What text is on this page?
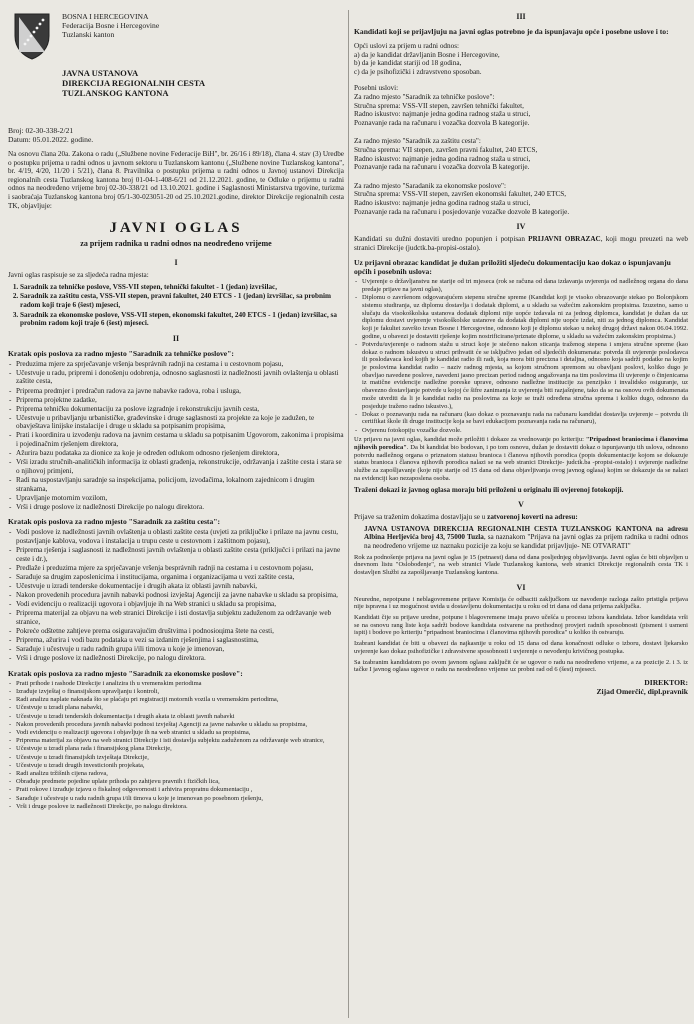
BOSNA I HERCEGOVINA
Federacija Bosne i Hercegovine
Tuzlanski kanton
JAVNA USTANOVA
DIREKCIJA REGIONALNIH CESTA
TUZLANSKOG KANTONA
Broj: 02-30-338-2/21
Datum: 05.01.2022. godine.

Na osnovu člana 20a. Zakona o radu („Službene novine Federacije BiH", br. 26/16 i 89/18), člana 4. stav (3) Uredbe o postupku prijema u radni odnos u javnom sektoru u Tuzlanskom kantonu („Službene novine Tuzlanskog kantona", br. 4/19, 4/20, 11/20 i 5/21), člana 8. Pravilnika o postupku prijema u radni odnos u Javnoj ustanovi Direkcija regionalnih cesta Tuzlanskog kantona broj 01-04-1-408-6/21 od 21.12.2021. godine, te Odluke o prijemu u radni odnos na neodređeno vrijeme broj 02-30-338/21 od 13.10.2021. godine i Saglasnosti Ministarstva trgovine, turizma i saobraćaja Tuzlanskog kantona broj 05/1-30-023051-20 od 25.10.2021.godine, direktor Direkcije regionalnih cesta TK, objavljuje:

JAVNI OGLAS
za prijem radnika u radni odnos na neodređeno vrijeme
I

Javni oglas raspisuje se za sljedeća radna mjesta:

1. Saradnik za tehničke poslove, VSS-VII stepen, tehnički fakultet - 1 (jedan) izvršilac,
2. Saradnik za zaštitu cesta, VSS-VII stepen, pravni fakultet, 240 ETCS - 1 (jedan) izvršilac, sa probnim radom koji traje 6 (šest) mjeseci,
3. Saradnik za ekonomske poslove, VSS-VII stepen, ekonomski fakultet, 240 ETCS - 1 (jedan) izvršilac, sa probnim radom koji traje 6 (šest) mjeseci.
II
Kratak opis poslova za radno mjesto "Saradnik za tehničke poslove":
- Preduzima mjere za sprječavanje vršenja besprávnih radnji na cestama i u cestovnom pojasu,
- Učestvuje u radu, pripremi i donošenju odobrenja, odnosno saglasnosti iz nadležnosti javnih ovlaštenja u oblasti zaštite cesta,
- Priprema predmjer i predračun radova za javne nabavke radova, roba i usluga,
- Priprema projektne zadatke,
- Priprema tehničku dokumentaciju za poslove izgradnje i rekonstrukciju javnih cesta,
- Učestvuje u pribavljanju urbanističke, građevinske i druge saglasnosti za projekte za koje je zadužen, te obavještava linijske instalacije i druge u skladu sa potpisanim propisima,
- Prati i koordinira u izvođenju radova na javnim cestama u skladu sa potpisanim Ugovorom, zakonima i propisima i pojedinačnim rješenjem direktora,
- Ažurira bazu podataka za dionice za koje je određen odlukom odnosno rješenjem direktora,
- Vrši izradu stručnih-analitičkih informacija iz oblasti građenja, rekonstrukcije, održavanja i zaštite cesta i stara se o njihovoj primjeni,
- Radi na uspostavljanju saradnje sa inspekcijama, policijom, izvođačima, lokalnom zajednicom i drugim strankama,
- Upravljanje motornim vozilom,
- Vrši i druge poslove iz nadležnosti Direkcije po nalogu direktora.
Kratak opis poslova za radno mjesto "Saradnik za zaštitu cesta":
- Vodi poslove iz nadležnosti javnih ovlaštenja u oblasti zaštite cesta (uvjeti za priključke i prilaze na javnu cestu, postavljanje kablova, vodova i instalacija u trupu ceste u cestovnom i zaštitnom pojasu),
- Priprema rješenja i saglasnosti iz nadležnosti javnih ovlaštenja u oblasti zaštite cesta (priključci i prilazi na javne ceste i dr.),
- Predlaže i preduzima mjere za sprječavanje vršenja besprávnih radnji na cestama i u cestovnom pojasu,
- Sarađuje sa drugim zaposlenicima i institucijama, organima i organizacijama u vezi zaštite cesta,
- Učestvuje u izradi tenderske dokumentacije i drugih akata iz oblasti javnih nabavki,
- Nakon provedenih procedura javnih nabavki podnosi izvještaj Agenciji za javne nabavke u skladu sa propisima,
- Vodi evidenciju o realizaciji ugovora i objavljuje ih na Web stranici u skladu sa propisima,
- Priprema materijal za objavu na web stranici Direkcije i isti dostavlja subjektu zaduženom za održavanje web stranice,
- Pokreće odštetne zahtjeve prema osiguravajućim društvima i podnosioцima štete na cesti,
- Priprema, ažurira i vodi bazu podataka u vezi sa izdanim rješenjima i saglasnostima,
- Sarađuje i učestvuje u radu radnih grupa i/ili timova u koje je imenovan,
- Vrši i druge poslove iz nadležnosti Direkcije, po nalogu direktora.
Kratak opis poslova za radno mjesto "Saradnik za ekonomske poslove":
- Prati prihode i rashode Direkcije i analizira ih u vremenskim periodima
- Izrađuje izvještaj o finansijskom upravljanju i kontroli,
- Radi analizu naplate naknada što se plaćaju pri registraciji motornih vozila u vremenskim periodima,
- Učestvuje u izradi plana nabavki,
- Učestvuje u izradi tenderskih dokumentacija i drugih akata iz oblasti javnih nabavki
- Nakon provedenih procedura javnih nabavki podnosi izvještaj Agenciji za javne nabavke u skladu sa propisima,
- Vodi evidenciju o realizaciji ugovora i objavljuje ih na web stranici u skladu sa propisima,
- Priprema materijal za objavu na web stranici Direkcije i isti dostavlja subjektu zaduženom za održavanje web stranice,
- Učestvuje u izradi plana rada i finansijskog plana Direkcije,
- Učestvuje u izradi finansijskih izvještaja Direkcije,
- Učestvuje u izradi drugih investicionih projekata,
- Radi analizu tržišnih cijena radova,
- Obrađuje predmete pojedine uplate prihoda po zahtjevu pravnih i fizičkih lica,
- Prati rokove i izrađuje izjavu o fiskalnoj odgovornosti i arhivira propratnu dokumentaciju ,
- Sarađuje i učestvuje u radu radnih grupa i/ili timova u koje je imenovan po posebnom rješenju,
- Vrši i druge poslove iz nadležnosti Direkcije, po nalogu direktora.
III
Kandidati koji se prijavljuju na javni oglas potrebno je da ispunjavaju opće i posebne uslove i to:

Opći uslovi za prijem u radni odnos:

a) da je kandidat državljanin Bosne i Hercegovine,
b) da je kandidat stariji od 18 godina,
c) da je psihofizički i zdravstveno sposoban.

Posebni uslovi:

Za radno mjesto "Saradnik za tehničke poslove":
Stručna sprema: VSS-VII stepen, završen tehnički fakultet,
Radno iskustvo: najmanje jedna godina radnog staža u struci,
Poznavanje rada na računaru i vozačka dozvola B kategorije.
Za radno mjesto "Saradnik za zaštitu cesta":
Stručna sprema: VII stepen, završen pravni fakultet, 240 ETCS,
Radno iskustvo: najmanje jedna godina radnog staža u struci,
Poznavanje rada na računaru i vozačka dozvola B kategorije.
Za radno mjesto "Saradanik za ekonomske poslove":
Stručna sprema: VSS-VII stepen, završen ekonomski fakultet, 240 ETCS,
Radno iskustvo: najmanje jedna godina radnog staža u struci,
Poznavanje rada na računaru i posjedovanje vozačke dozvole B kategorije.
IV

Kandidati su dužni dostaviti uredno popunjen i potpisan PRIJAVNI OBRAZAC, koji mogu preuzeti na web stranici Direkcije (judctk.ba-propisi-ostalo).

Uz prijavni obrazac kandidat je dužan priložiti sljedeću dokumentaciju kao dokaz o ispunjavanju općih i posebnih uslova:
- Uvjerenje o državljanstvu ne starije od tri mjeseca (rok se računa od dana izdavanja uvjerenja od nadležnog organa do dana predaje prijave na javni oglas),
- Diplomu o završenom odgovarajućem stepenu stručne spreme (Kandidat koji je visoko obrazovanje stekao po Bolonjskom sistemu studiranja, uz diplomu dostavlja i dodatak diplomi, a u skladu sa važećim zakonskim propisima. Izuzetno, samo u slučaju da visokoškolska ustanova dodatak diplomi nije uopće izdavala ni za jednog diplomca, kandidat je dužan da uz diplomu dostavi uvjerenje visokoškolske ustanove da dodatak diplomi nije uopće izdat, niti za jednog diplomca. Kandidat koji je fakultet završio izvan Bosne i Hercegovine, odnosno koji je diplomu stekao u nekoj drugoj državi nakon 06.04.1992. godine, u obavezi je dostaviti rješenje kojim nostrificirane/priznate diplome, u skladu sa važećim zakonskim propisima.)
- Potvrdu/uvjerenje o radnom stažu u struci koje je stečeno nakon sticanja traženog stepena i smjera stručne spreme (kao dokaz o radnom iskustvu u struci prihvatit će se isključivo jedan od sljedećih dokumenata: potvrda ili uvjerenje poslodavca ili poslodavaca kod kojih je kandidat radio ili radi, koja mora biti precizna i detaljna, odnosno koja sadrži podatke na kojim je poslovima kandidat radio – naziv radnog mjesta, sa kojom stručnom spremom su obavljani poslovi, koliko dugo je obavljao navedene poslove, navedeni jasno precizan period radnog angažovanja na tim poslovima ili uvjerenje o činjenicama iz matične evidencije nadležne poreske uprave, odnosno nadležne institucije za penzijsko i invalidsko osiguranje, uz obavezno dostavljanje potvrde u kojoj će šifre zanimanja iz uvjerenja biti razjašnjene, tako da se na osnovu ovih dokumenata može utvrditi da li je kandidat radio na poslovima za koje se traži određena stručna sprema i koliko dugo, odnosno da posjeduje traženo radno iskustvo.),
- Dokaz o poznavanju rada na računaru (kao dokaz o poznavanju rada na računaru kandidat dostavlja uvjerenje – potvrdu ili certifikat škole ili druge institucije koja se bavi edukacijom poznavanja rada na računaru),
- Ovjerenu fotokopiju vozačke dozvole.

Uz prijavu na javni oglas, kandidat može priložiti i dokaze za vrednovanje po kriteriju: "Pripadnost braniocima i članovima njihovih porodica". Da bi kandidat bio bodovan, i po tom osnovu, dužan je dostaviti dokaz o ispunjavanju tih uslova, odnosno potvrdu nadležnog organa o priznatom statusu branioca i članova njihovih porodica (popis dokumentacije kojom se dokazuje status branioca i članova njihovih porodica nalazi se na web stranici Direkcije- judctk.ba -propisi-ostalo) i uvjerenje nadležne službe za zapošljavanje (koje nije starije od 15 dana od dana objavljivanja ovog javnog oglasa) kojim se dokazuje da se nalazi na evidenciji kao nezaposlena osoba.

Traženi dokazi iz javnog oglasa moraju biti priloženi u originalu ili ovjerenoj fotokopiji.

V

Prijave sa traženim dokazima dostavljaju se u zatvorenoj koverti na adresu:

JAVNA USTANOVA DIREKCIJA REGIONALNIH CESTA TUZLANSKOG KANTONA na adresu Albina Herljevića broj 43, 75000 Tuzla, sa naznakom "Prijava na javni oglas za prijem radnika u radni odnos na neodređeno vrijeme uz naznaku pozicije za koju se kandidat prijavljuje- NE OTVARATI"

Rok za podnošenje prijava na javni oglas je 15 (petnaest) dana od dana posljednjeg objavljivanja. Javni oglas će biti objavljen u dnevnom listu "Oslobođenje", na web stranici Vlade Tuzlanskog kantona, web stranici Direkcije regionalnih cesta TK i dostavljen Službi za zapošljavanje Tuzlanskog kantona.

VI

Neuredne, nepotpune i neblagovremene prijave Komisija će odbaciti zaključkom uz navođenje razloga zašto pristigla prijava nije ispravna i uz mogućnost uvida u dostavljenu dokumentaciju u roku od tri dana od dana prijema zaključka.

Kandidati čije su prijave uredne, potpune i blagovremene imaju pravo učešća u procesu izbora kandidata. Izbor kandidata vrši se na osnovu rang liste koja sadrži bodove kandidata ostvarene na prethodnoj provjeri radnih sposobnosti (pismeni i usmeni ispit) i bodove po kriteriju "pripadnost braniocima i članovima njihovih porodica" u koliko ih ostvaruju.

Izabrani kandidat će biti u obavezi da najkasnije u roku od 15 dana od dana konačnosti odluke o izboru, dostavi ljekarsko uvjerenje kao dokaz psihofizičke i zdravstvene sposobnosti i uvjerenje o nevođenju krivičnog postupka.

Sa izabranim kandidatom po ovom javnom oglasu zaključit će se ugovor o radu na neodređeno vrijeme, a za pozicije 2. i 3. iz tačke I javnog oglasa ugovor o radu na neodređeno vrijeme uz probni rad od 6 (šest) mjeseci.

DIREKTOR:
Zijad Omerčić, dipl.pravnik
